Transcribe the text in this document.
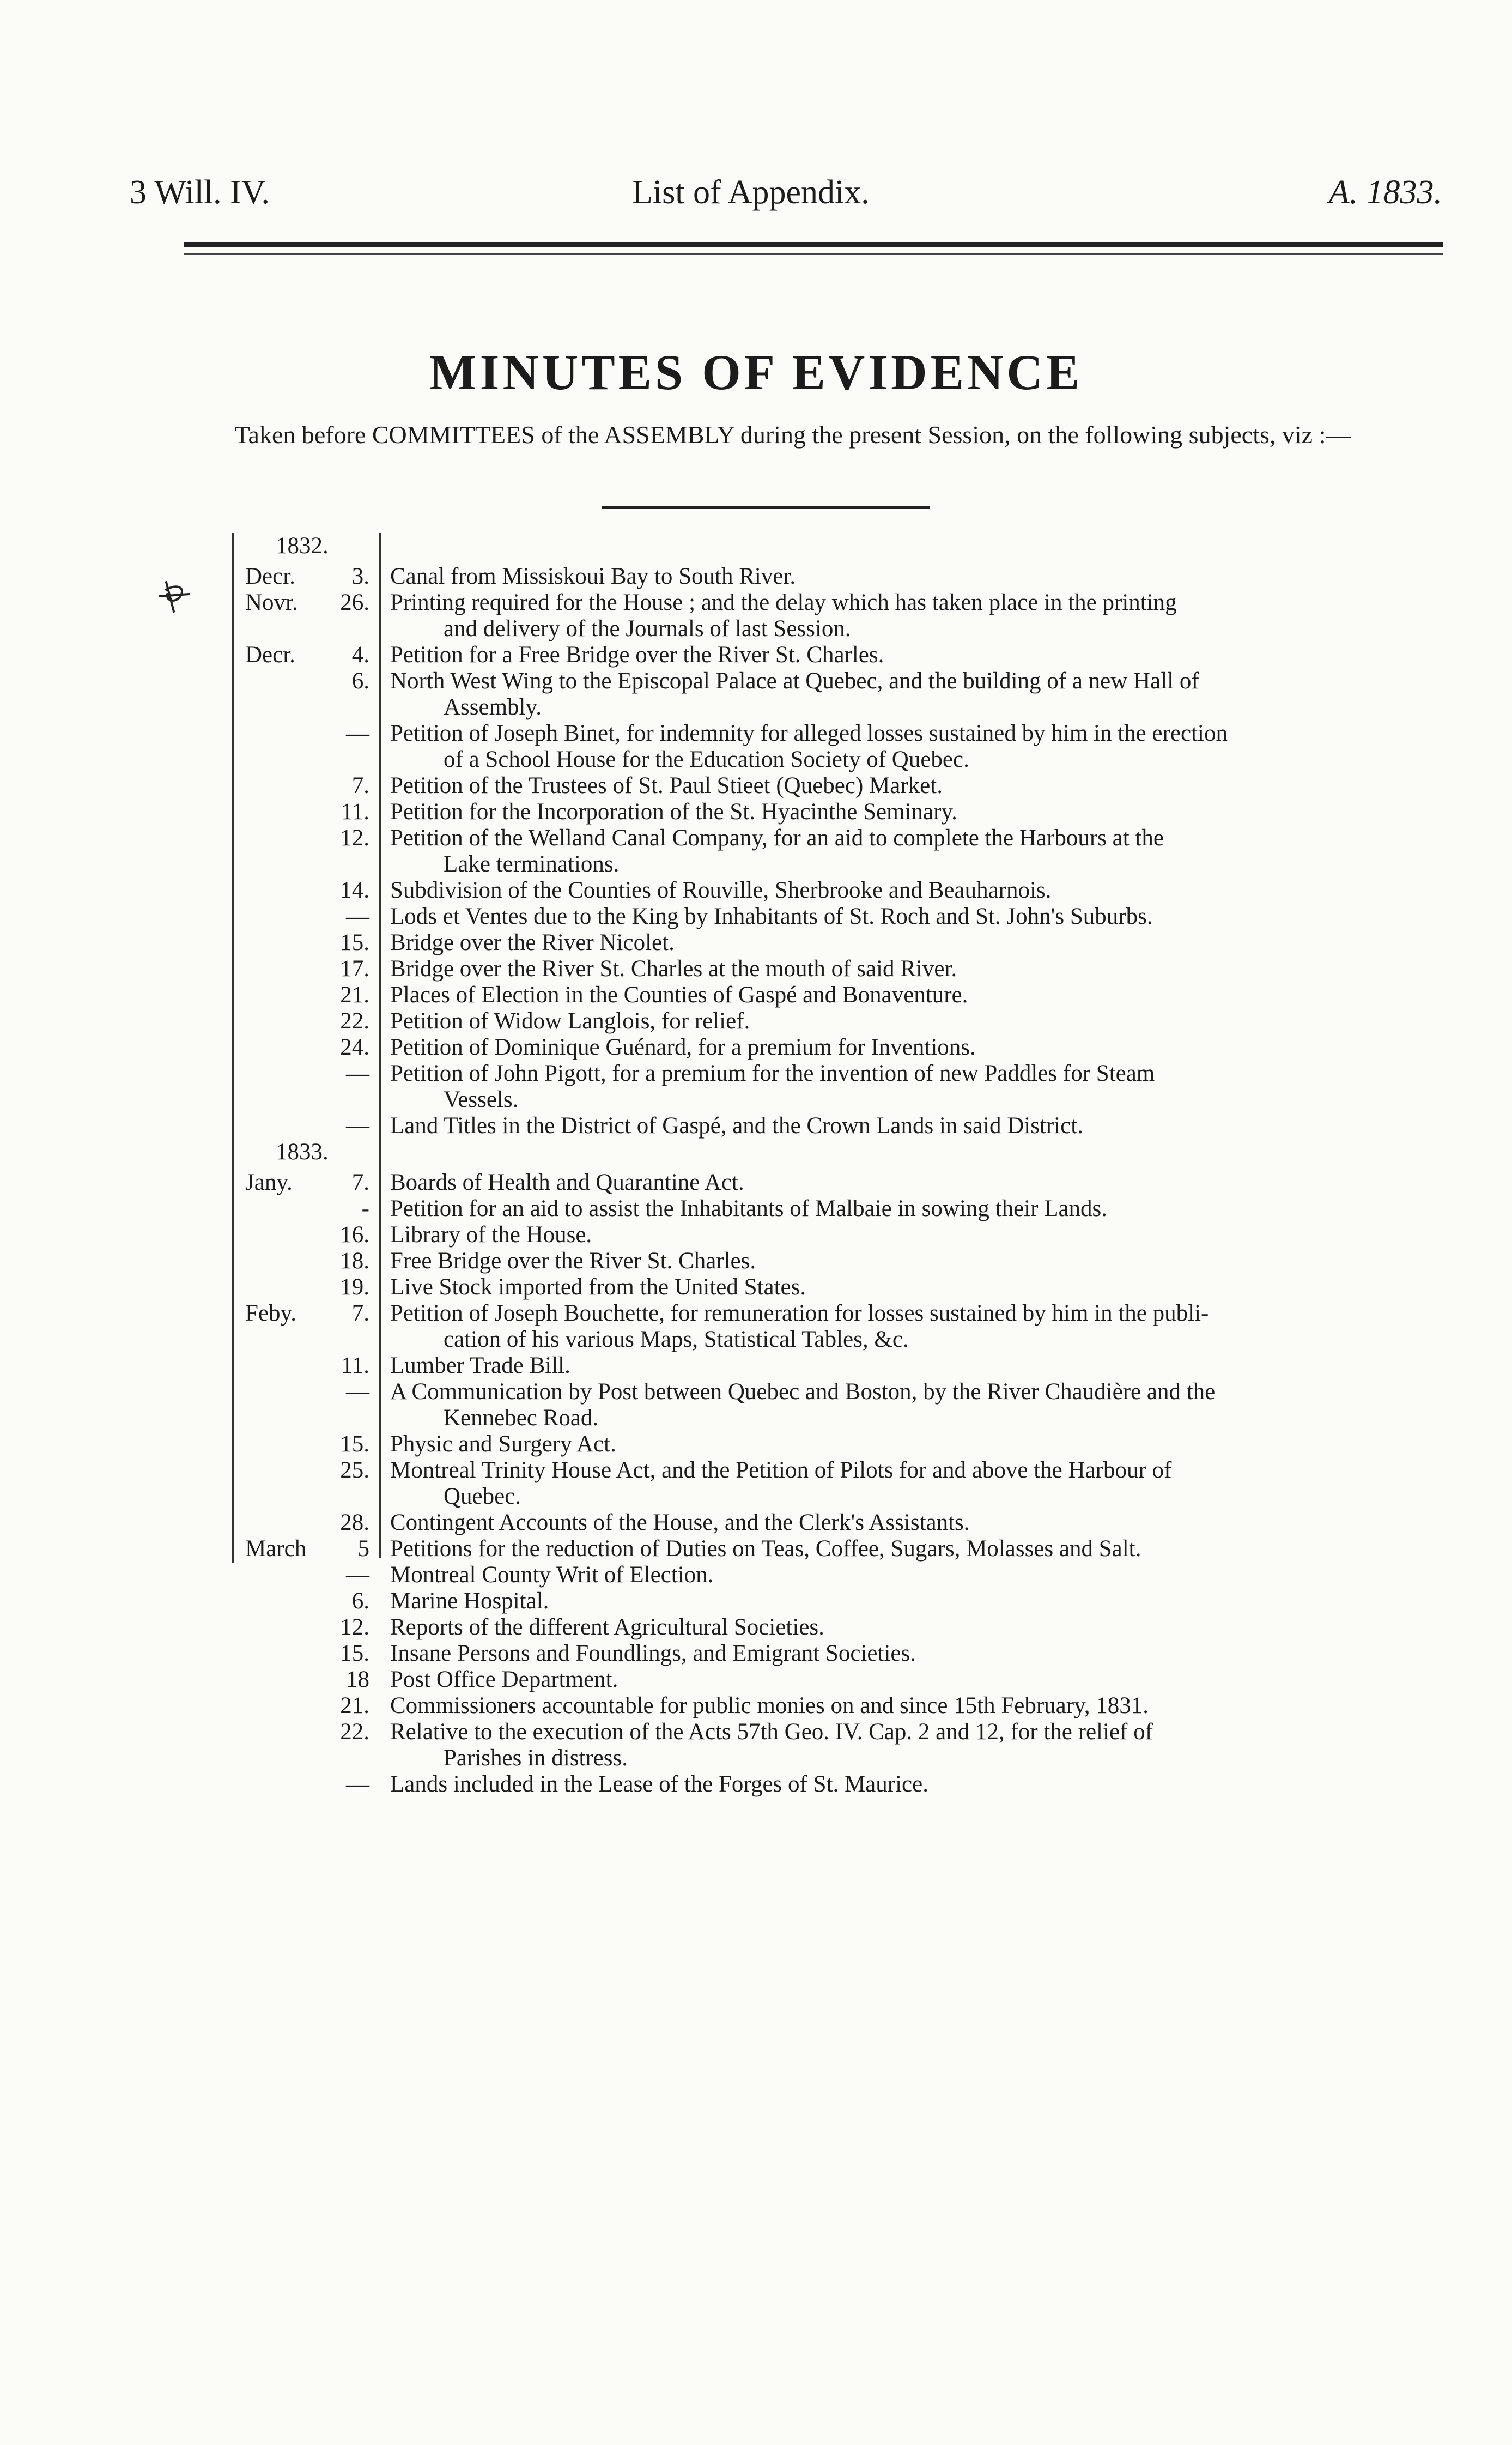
3 Will. IV.	List of Appendix.	A. 1833.
MINUTES OF EVIDENCE
Taken before COMMITTEES of the ASSEMBLY during the present Session, on the following subjects, viz :—
1832.
Decr.	3. Canal from Missiskoui Bay to South River.
Novr.	26. Printing required for the House ; and the delay which has taken place in the printing
and delivery of the Journals of last Session.
Decr.	4. Petition for a Free Bridge over the River St. Charles.
6. North West Wing to the Episcopal Palace at Quebec, and the building of a new Hall of
Assembly.
— Petition of Joseph Binet, for indemnity for alleged losses sustained by him in the erection
of a School House for the Education Society of Quebec.
7. Petition of the Trustees of St. Paul Stieet (Quebec) Market.
11. Petition for the Incorporation of the St. Hyacinthe Seminary.
12. Petition of the Welland Canal Company, for an aid to complete the Harbours at the
Lake terminations.
14. Subdivision of the Counties of Rouville, Sherbrooke and Beauharnois.
— Lods et Ventes due to the King by Inhabitants of St. Roch and St. John's Suburbs.
15. Bridge over the River Nicolet.
17. Bridge over the River St. Charles at the mouth of said River.
21. Places of Election in the Counties of Gaspé and Bonaventure.
22. Petition of Widow Langlois, for relief.
24. Petition of Dominique Guénard, for a premium for Inventions.
— Petition of John Pigott, for a premium for the invention of new Paddles for Steam
Vessels.
— Land Titles in the District of Gaspé, and the Crown Lands in said District.
1833.
Jany.	7. Boards of Health and Quarantine Act.
- Petition for an aid to assist the Inhabitants of Malbaie in sowing their Lands.
16. Library of the House.
18. Free Bridge over the River St. Charles.
19. Live Stock imported from the United States.
Feby.	7. Petition of Joseph Bouchette, for remuneration for losses sustained by him in the publi-
cation of his various Maps, Statistical Tables, &c.
11. Lumber Trade Bill.
— A Communication by Post between Quebec and Boston, by the River Chaudière and the
Kennebec Road.
15. Physic and Surgery Act.
25. Montreal Trinity House Act, and the Petition of Pilots for and above the Harbour of
Quebec.
28. Contingent Accounts of the House, and the Clerk's Assistants.
March	5 Petitions for the reduction of Duties on Teas, Coffee, Sugars, Molasses and Salt.
— Montreal County Writ of Election.
6. Marine Hospital.
12. Reports of the different Agricultural Societies.
15. Insane Persons and Foundlings, and Emigrant Societies.
18 Post Office Department.
21. Commissioners accountable for public monies on and since 15th February, 1831.
22. Relative to the execution of the Acts 57th Geo. IV. Cap. 2 and 12, for the relief of
Parishes in distress.
— Lands included in the Lease of the Forges of St. Maurice.
